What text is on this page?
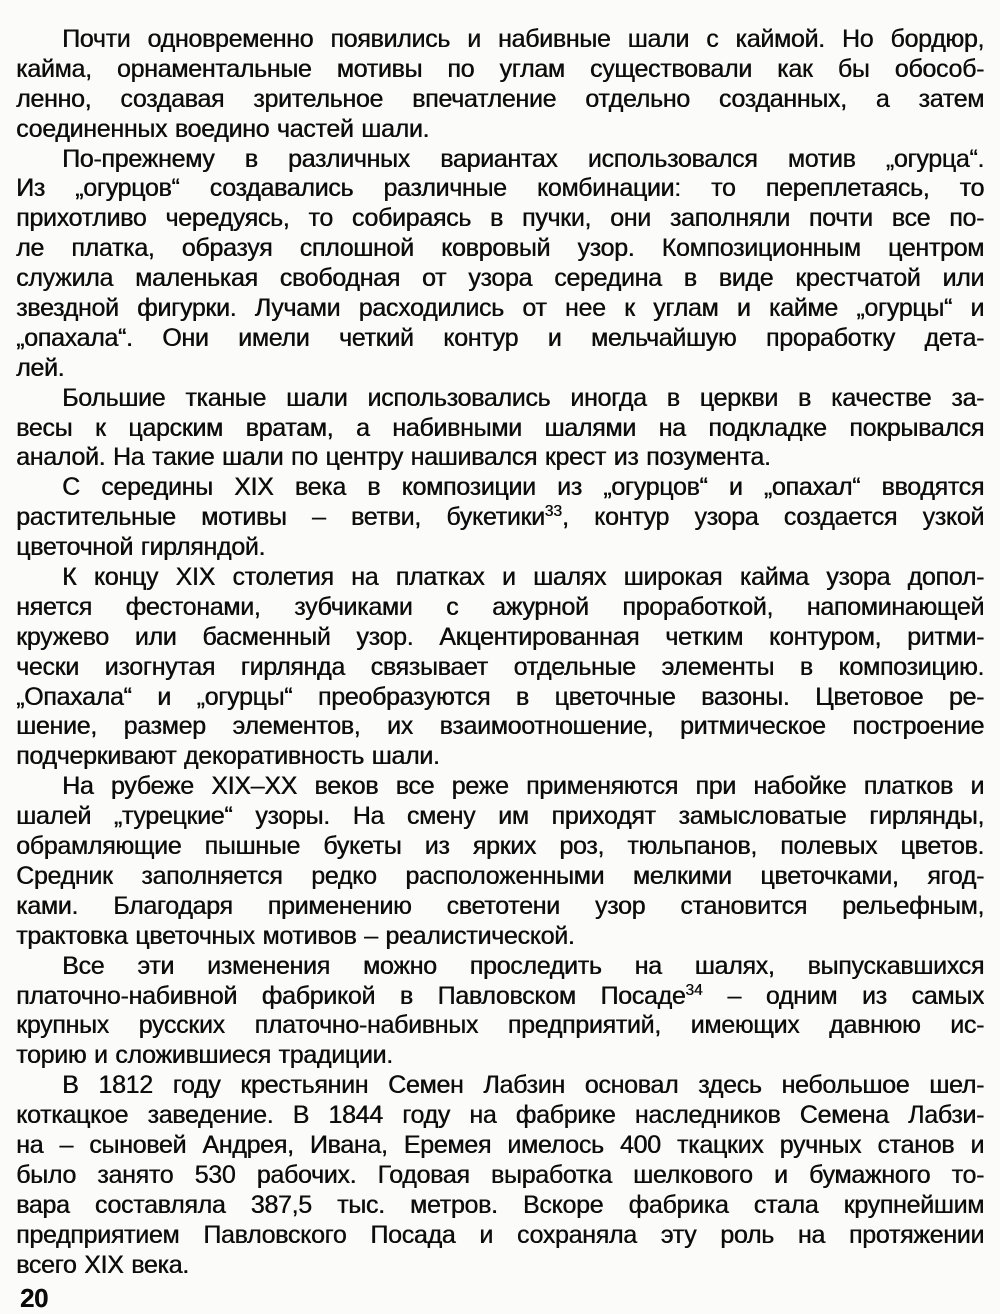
Почти одновременно появились и набивные шали с каймой. Но бордюр,
кайма, орнаментальные мотивы по углам существовали как бы обособ-
ленно, создавая зрительное впечатление отдельно созданных, а затем
соединенных воедино частей шали.
По-прежнему в различных вариантах использовался мотив „огурца“.
Из „огурцов“ создавались различные комбинации: то переплетаясь, то
прихотливо чередуясь, то собираясь в пучки, они заполняли почти все по-
ле платка, образуя сплошной ковровый узор. Композиционным центром
служила маленькая свободная от узора середина в виде крестчатой или
звездной фигурки. Лучами расходились от нее к углам и кайме „огурцы“ и
„опахала“. Они имели четкий контур и мельчайшую проработку дета-
лей.
Большие тканые шали использовались иногда в церкви в качестве за-
весы к царским вратам, а набивными шалями на подкладке покрывался
аналой. На такие шали по центру нашивался крест из позумента.
С середины XIX века в композиции из „огурцов“ и „опахал“ вводятся
растительные мотивы – ветви, букетики$^{33}$, контур узора создается узкой
цветочной гирляндой.
К концу XIX столетия на платках и шалях широкая кайма узора допол-
няется фестонами, зубчиками с ажурной проработкой, напоминающей
кружево или басменный узор. Акцентированная четким контуром, ритми-
чески изогнутая гирлянда связывает отдельные элементы в композицию.
„Опахала“ и „огурцы“ преобразуются в цветочные вазоны. Цветовое ре-
шение, размер элементов, их взаимоотношение, ритмическое построение
подчеркивают декоративность шали.
На рубеже XIX–XX веков все реже применяются при набойке платков и
шалей „турецкие“ узоры. На смену им приходят замысловатые гирлянды,
обрамляющие пышные букеты из ярких роз, тюльпанов, полевых цветов.
Средник заполняется редко расположенными мелкими цветочками, ягод-
ками. Благодаря применению светотени узор становится рельефным,
трактовка цветочных мотивов – реалистической.
Все эти изменения можно проследить на шалях, выпускавшихся
платочно-набивной фабрикой в Павловском Посаде$^{34}$ – одним из самых
крупных русских платочно-набивных предприятий, имеющих давнюю ис-
торию и сложившиеся традиции.
В 1812 году крестьянин Семен Лабзин основал здесь небольшое шел-
коткацкое заведение. В 1844 году на фабрике наследников Семена Лабзи-
на – сыновей Андрея, Ивана, Еремея имелось 400 ткацких ручных станов и
было занято 530 рабочих. Годовая выработка шелкового и бумажного то-
вара составляла 387,5 тыс. метров. Вскоре фабрика стала крупнейшим
предприятием Павловского Посада и сохраняла эту роль на протяжении
всего XIX века.
20
